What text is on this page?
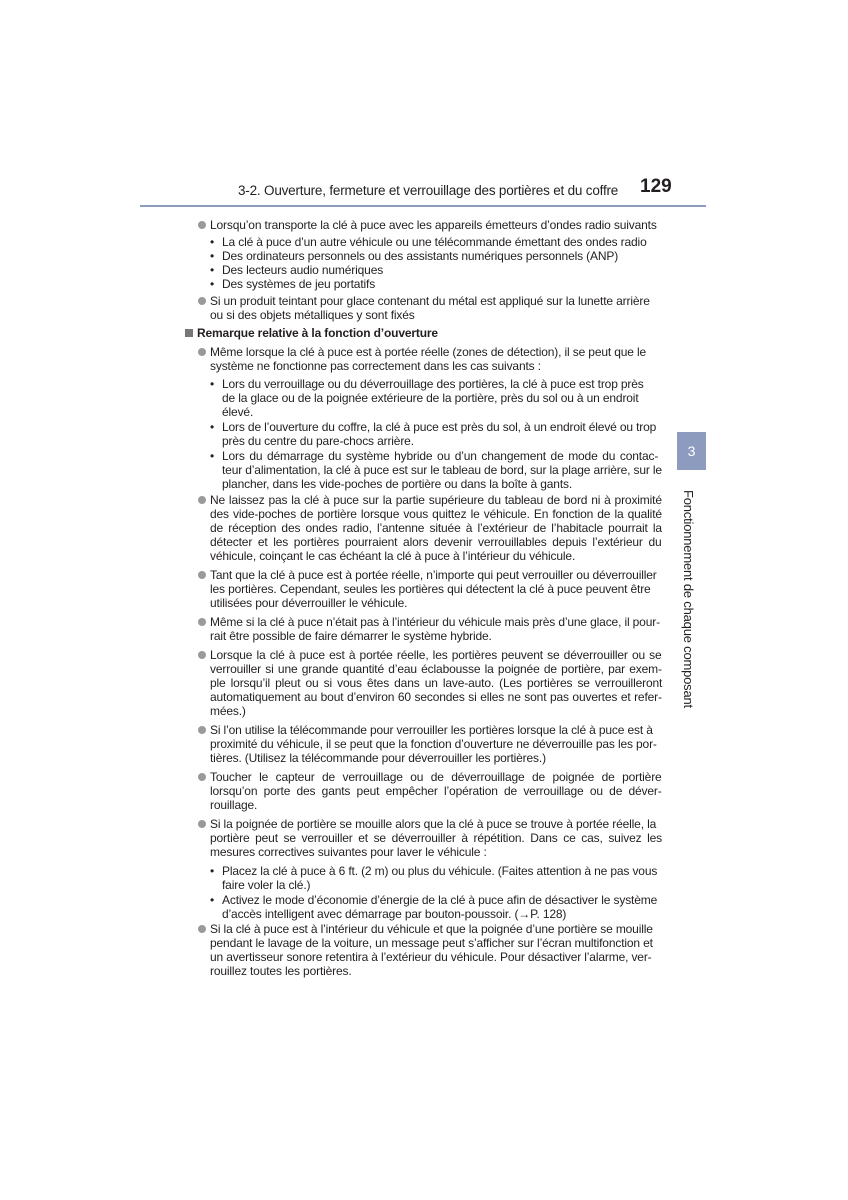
3-2. Ouverture, fermeture et verrouillage des portières et du coffre 129
3
Fonctionnement de chaque composant
Lorsqu’on transporte la clé à puce avec les appareils émetteurs d’ondes radio suivants
• La clé à puce d’un autre véhicule ou une télécommande émettant des ondes radio
• Des ordinateurs personnels ou des assistants numériques personnels (ANP)
• Des lecteurs audio numériques
• Des systèmes de jeu portatifs
Si un produit teintant pour glace contenant du métal est appliqué sur la lunette arrière
ou si des objets métalliques y sont fixés
Remarque relative à la fonction d’ouverture
Même lorsque la clé à puce est à portée réelle (zones de détection), il se peut que le
système ne fonctionne pas correctement dans les cas suivants :
• Lors du verrouillage ou du déverrouillage des portières, la clé à puce est trop près
de la glace ou de la poignée extérieure de la portière, près du sol ou à un endroit
élevé.
• Lors de l’ouverture du coffre, la clé à puce est près du sol, à un endroit élevé ou trop
près du centre du pare-chocs arrière.
• Lors du démarrage du système hybride ou d’un changement de mode du contac-
teur d’alimentation, la clé à puce est sur le tableau de bord, sur la plage arrière, sur le
plancher, dans les vide-poches de portière ou dans la boîte à gants.
Ne laissez pas la clé à puce sur la partie supérieure du tableau de bord ni à proximité
des vide-poches de portière lorsque vous quittez le véhicule. En fonction de la qualité
de réception des ondes radio, l’antenne située à l’extérieur de l’habitacle pourrait la
détecter et les portières pourraient alors devenir verrouillables depuis l’extérieur du
véhicule, coinçant le cas échéant la clé à puce à l’intérieur du véhicule.
Tant que la clé à puce est à portée réelle, n’importe qui peut verrouiller ou déverrouiller
les portières. Cependant, seules les portières qui détectent la clé à puce peuvent être
utilisées pour déverrouiller le véhicule.
Même si la clé à puce n’était pas à l’intérieur du véhicule mais près d’une glace, il pour-
rait être possible de faire démarrer le système hybride.
Lorsque la clé à puce est à portée réelle, les portières peuvent se déverrouiller ou se
verrouiller si une grande quantité d’eau éclabousse la poignée de portière, par exem-
ple lorsqu’il pleut ou si vous êtes dans un lave-auto. (Les portières se verrouilleront
automatiquement au bout d’environ 60 secondes si elles ne sont pas ouvertes et refer-
mées.)
Si l’on utilise la télécommande pour verrouiller les portières lorsque la clé à puce est à
proximité du véhicule, il se peut que la fonction d’ouverture ne déverrouille pas les por-
tières. (Utilisez la télécommande pour déverrouiller les portières.)
Toucher le capteur de verrouillage ou de déverrouillage de poignée de portière
lorsqu’on porte des gants peut empêcher l’opération de verrouillage ou de déver-
rouillage.
Si la poignée de portière se mouille alors que la clé à puce se trouve à portée réelle, la
portière peut se verrouiller et se déverrouiller à répétition. Dans ce cas, suivez les
mesures correctives suivantes pour laver le véhicule :
• Placez la clé à puce à 6 ft. (2 m) ou plus du véhicule. (Faites attention à ne pas vous
faire voler la clé.)
• Activez le mode d’économie d’énergie de la clé à puce afin de désactiver le système
d’accès intelligent avec démarrage par bouton-poussoir. (→P. 128)
Si la clé à puce est à l’intérieur du véhicule et que la poignée d’une portière se mouille
pendant le lavage de la voiture, un message peut s’afficher sur l’écran multifonction et
un avertisseur sonore retentira à l’extérieur du véhicule. Pour désactiver l’alarme, ver-
rouillez toutes les portières.
